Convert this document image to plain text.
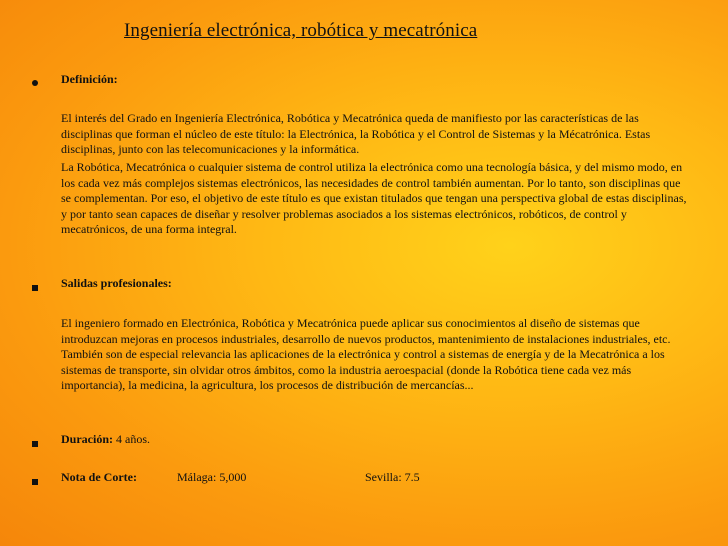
Ingeniería electrónica, robótica y mecatrónica
Definición:

El interés del Grado en Ingeniería Electrónica, Robótica y Mecatrónica queda de manifiesto por las características de las disciplinas que forman el núcleo de este título: la Electrónica, la Robótica y el Control de Sistemas y la Mécatrónica. Estas disciplinas, junto con las telecomunicaciones y la informática.

La Robótica, Mecatrónica o cualquier sistema de control utiliza la electrónica como una tecnología básica, y del mismo modo, en los cada vez más complejos sistemas electrónicos, las necesidades de control también aumentan. Por lo tanto, son disciplinas que se complementan. Por eso, el objetivo de este título es que existan titulados que tengan una perspectiva global de estas disciplinas, y por tanto sean capaces de diseñar y resolver problemas asociados a los sistemas electrónicos, robóticos, de control y mecatrónicos, de una forma integral.

Salidas profesionales:

El ingeniero formado en Electrónica, Robótica y Mecatrónica puede aplicar sus conocimientos al diseño de sistemas que introduzcan mejoras en procesos industriales, desarrollo de nuevos productos, mantenimiento de instalaciones industriales, etc. También son de especial relevancia las aplicaciones de la electrónica y control a sistemas de energía y de la Mecatrónica a los sistemas de transporte, sin olvidar otros ámbitos, como la industria aeroespacial (donde la Robótica tiene cada vez más importancia), la medicina, la agricultura, los procesos de distribución de mercancías...

Duración: 4 años.
Nota de Corte:	Málaga: 5,000	Sevilla: 7.5
